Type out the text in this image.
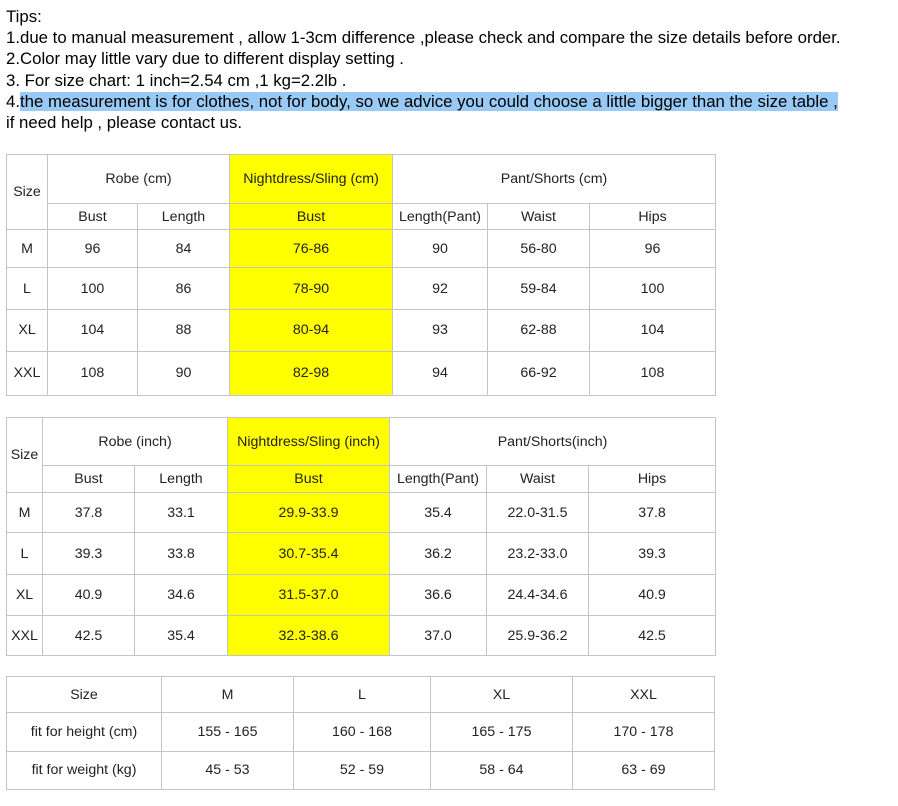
Tips:
1.due to manual measurement , allow 1-3cm difference ,please check and compare the size details before order.
2.Color may little vary due to different display setting .
3. For size chart: 1 inch=2.54 cm ,1 kg=2.2lb .
4.the measurement is for clothes, not for body, so we advice you could choose a little bigger than the size table ,
if need help , please contact us.
Size	Robe (cm)		Nightdress/Sling (cm)	Pant/Shorts (cm)		
	Bust	Length	Bust	Length(Pant)	Waist	Hips
M	96	84	76-86	90	56-80	96
L	100	86	78-90	92	59-84	100
XL	104	88	80-94	93	62-88	104
XXL	108	90	82-98	94	66-92	108
Size	Robe (inch)		Nightdress/Sling (inch)	Pant/Shorts(inch)		
	Bust	Length	Bust	Length(Pant)	Waist	Hips
M	37.8	33.1	29.9-33.9	35.4	22.0-31.5	37.8
L	39.3	33.8	30.7-35.4	36.2	23.2-33.0	39.3
XL	40.9	34.6	31.5-37.0	36.6	24.4-34.6	40.9
XXL	42.5	35.4	32.3-38.6	37.0	25.9-36.2	42.5
Size	M	L	XL	XXL
fit for height (cm)	155 - 165	160 - 168	165 - 175	170 - 178
fit for weight (kg)	45 - 53	52 - 59	58 - 64	63 - 69
